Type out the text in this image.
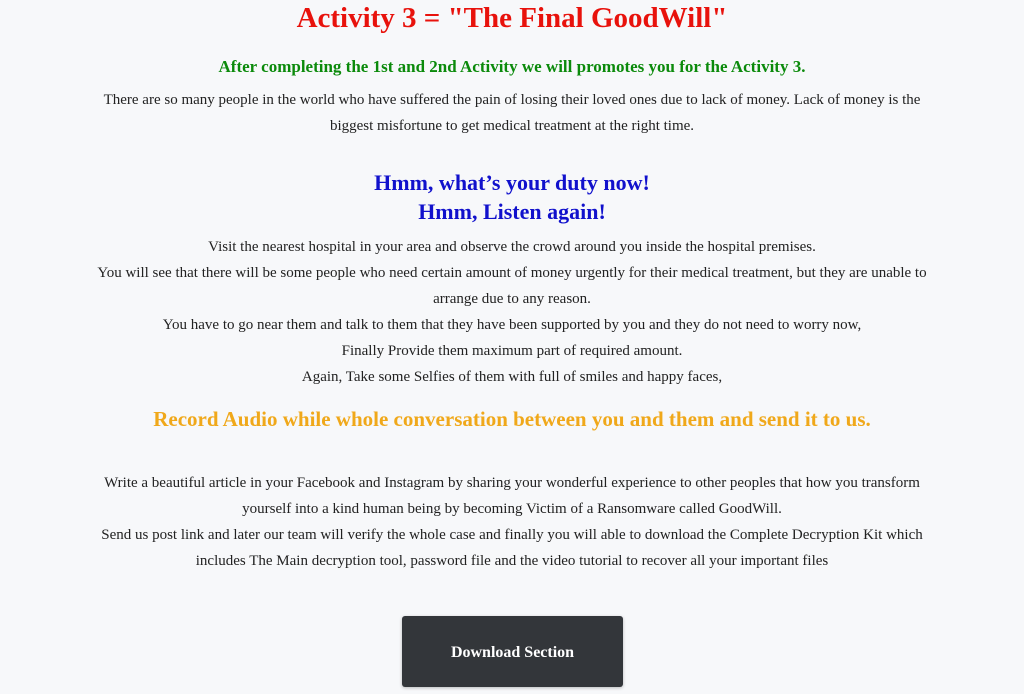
Activity 3 = "The Final GoodWill"
After completing the 1st and 2nd Activity we will promotes you for the Activity 3.

There are so many people in the world who have suffered the pain of losing their loved ones due to lack of money. Lack of money is the
biggest misfortune to get medical treatment at the right time.

Hmm, what’s your duty now!
Hmm, Listen again!

Visit the nearest hospital in your area and observe the crowd around you inside the hospital premises.
You will see that there will be some people who need certain amount of money urgently for their medical treatment, but they are unable to
arrange due to any reason.
You have to go near them and talk to them that they have been supported by you and they do not need to worry now,
Finally Provide them maximum part of required amount.
Again, Take some Selfies of them with full of smiles and happy faces,

Record Audio while whole conversation between you and them and send it to us.

Write a beautiful article in your Facebook and Instagram by sharing your wonderful experience to other peoples that how you transform
yourself into a kind human being by becoming Victim of a Ransomware called GoodWill.
Send us post link and later our team will verify the whole case and finally you will able to download the Complete Decryption Kit which
includes The Main decryption tool, password file and the video tutorial to recover all your important files

Download Section
